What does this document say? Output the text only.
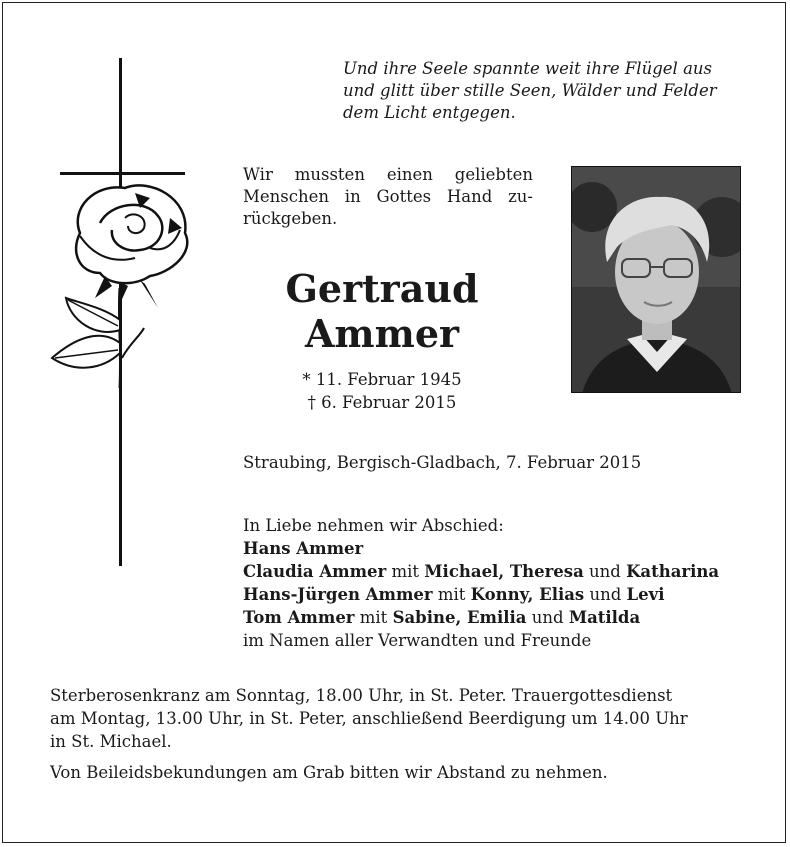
Und ihre Seele spannte weit ihre Flügel aus
und glitt über stille Seen, Wälder und Felder
dem Licht entgegen.
Wir mussten einen geliebten
Menschen in Gottes Hand zu-
rückgeben.
Gertraud
Ammer
* 11. Februar 1945
† 6. Februar 2015
Straubing, Bergisch-Gladbach, 7. Februar 2015
In Liebe nehmen wir Abschied:
Hans Ammer
Claudia Ammer mit Michael, Theresa und Katharina
Hans-Jürgen Ammer mit Konny, Elias und Levi
Tom Ammer mit Sabine, Emilia und Matilda
im Namen aller Verwandten und Freunde
Sterberosenkranz am Sonntag, 18.00 Uhr, in St. Peter. Trauergottesdienst
am Montag, 13.00 Uhr, in St. Peter, anschließend Beerdigung um 14.00 Uhr
in St. Michael.
Von Beileidsbekundungen am Grab bitten wir Abstand zu nehmen.
